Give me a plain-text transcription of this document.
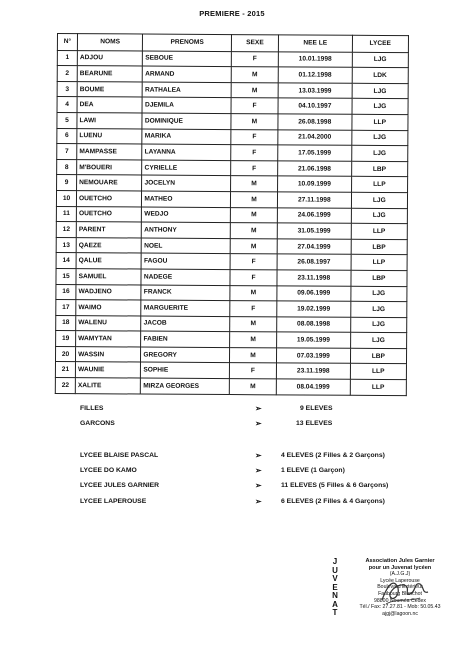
PREMIERE - 2015
N°	NOMS	PRENOMS	SEXE	NEE LE	LYCEE
1	ADJOU	SEBOUE	F	10.01.1998	LJG
2	BEARUNE	ARMAND	M	01.12.1998	LDK
3	BOUME	RATHALEA	M	13.03.1999	LJG
4	DEA	DJEMILA	F	04.10.1997	LJG
5	LAWI	DOMINIQUE	M	26.08.1998	LLP
6	LUENU	MARIKA	F	21.04.2000	LJG
7	MAMPASSE	LAYANNA	F	17.05.1999	LJG
8	M'BOUERI	CYRIELLE	F	21.06.1998	LBP
9	NEMOUARE	JOCELYN	M	10.09.1999	LLP
10	OUETCHO	MATHEO	M	27.11.1998	LJG
11	OUETCHO	WEDJO	M	24.06.1999	LJG
12	PARENT	ANTHONY	M	31.05.1999	LLP
13	QAEZE	NOEL	M	27.04.1999	LBP
14	QALUE	FAGOU	F	26.08.1997	LLP
15	SAMUEL	NADEGE	F	23.11.1998	LBP
16	WADJENO	FRANCK	M	09.06.1999	LJG
17	WAIMO	MARGUERITE	F	19.02.1999	LJG
18	WALENU	JACOB	M	08.08.1998	LJG
19	WAMYTAN	FABIEN	M	19.05.1999	LJG
20	WASSIN	GREGORY	M	07.03.1999	LBP
21	WAUNIE	SOPHIE	F	23.11.1998	LLP
22	XALITE	MIRZA GEORGES	M	08.04.1999	LLP
FILLES	➢	9 ELEVES
GARCONS	➢	13 ELEVES
LYCEE BLAISE PASCAL	➢	4 ELEVES (2 Filles & 2 Garçons)
LYCEE DO KAMO	➢	1 ELEVE (1 Garçon)
LYCEE JULES GARNIER	➢	11 ELEVES (5 Filles & 6 Garçons)
LYCEE LAPEROUSE	➢	6 ELEVES (2 Filles & 4 Garçons)
J
U
V
E
N
A
T
Association Jules Garnier
pour un Juvenat lycéen
(A.J.G.J)
Lycée Laperouse
Boulevard Extérieur
Faubourg Blanchot
98800 Nouméa Cedex
Tél./ Fax: 27.27.81 - Mob: 50.05.43
ajgj@lagoon.nc
